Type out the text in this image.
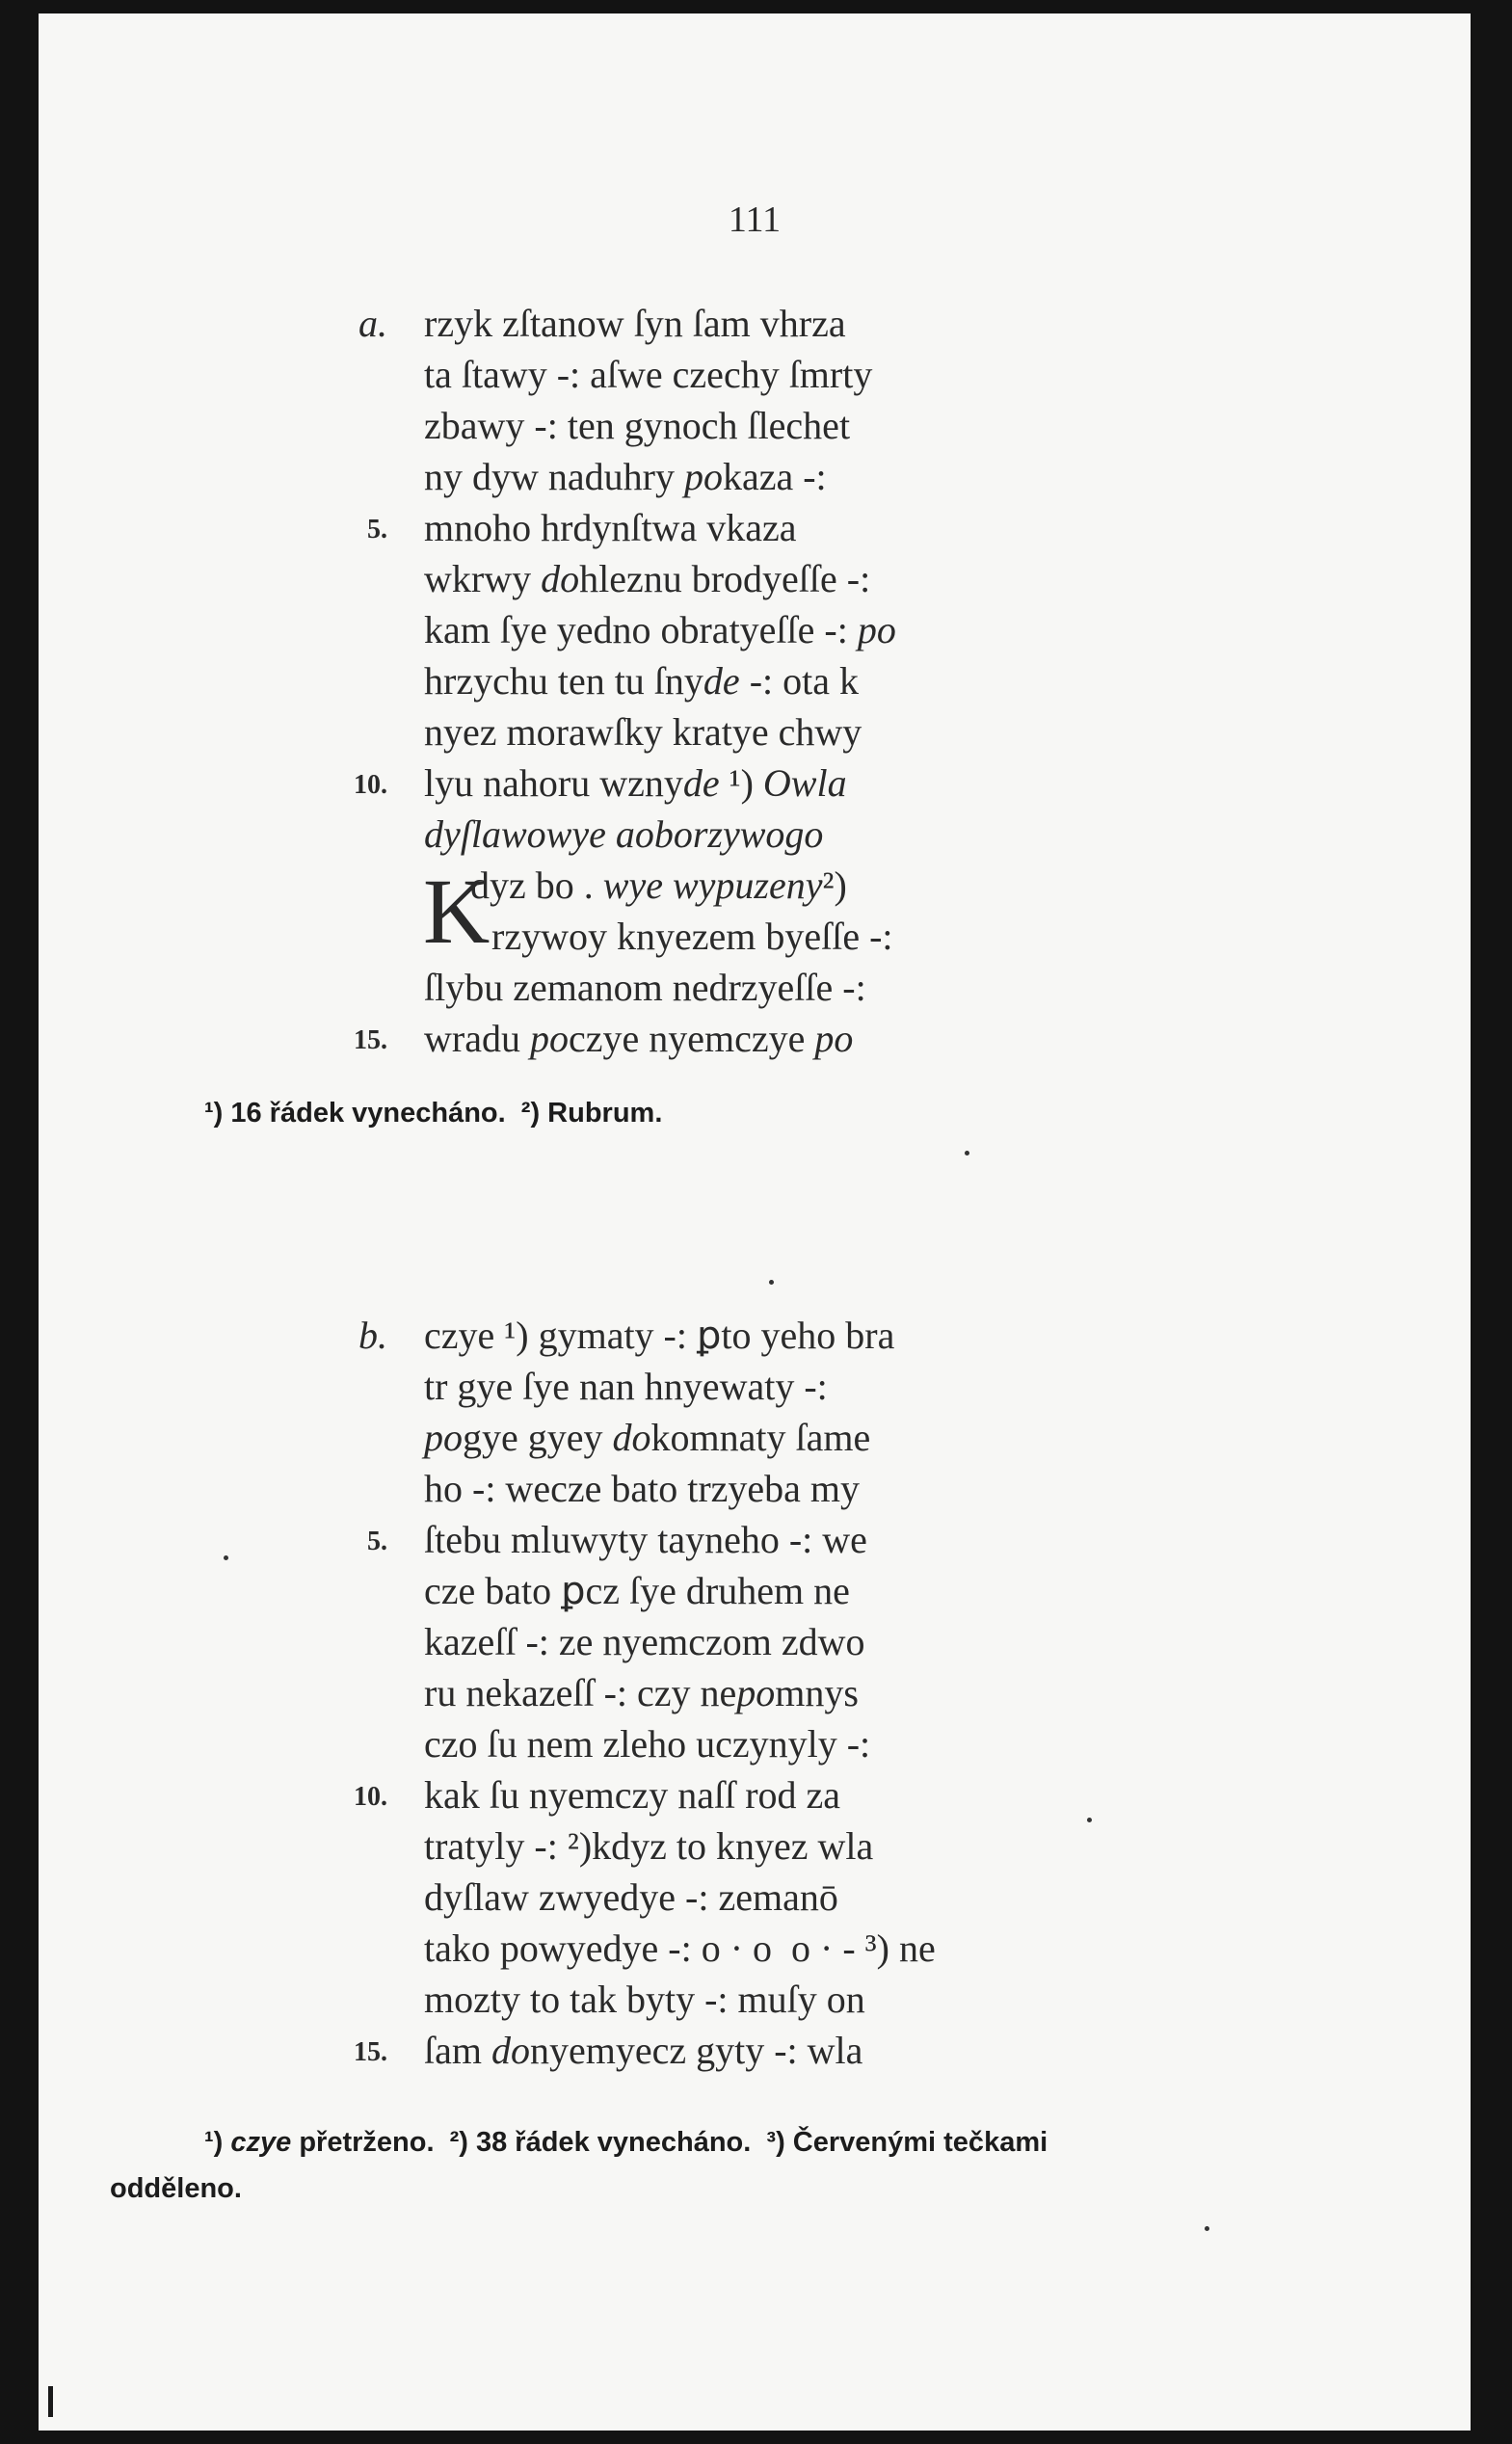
111
a. rzyk zſtanow ſyn ſam vhrza
ta ſtawy -: aſwe czechy ſmrty
zbawy -: ten gynoch ſlechet
ny dyw naduhry pokaza -:
5. mnoho hrdynſtwa vkaza
wkrwy dohleznu brodyeſſe -:
kam ſye yedno obratyeſſe -: po
hrzychu ten tu ſnyde -: ota k
nyez morawſky kratye chwy
10. lyu nahoru wznyde ¹) Owla
dyſlawowye aoborzywogo
K
dyz bo . wye wypuzeny²)
rzywoy knyezem byeſſe -:
ſlybu zemanom nedrzyeſſe -:
15. wradu poczye nyemczye po
¹) 16 řádek vynecháno.  ²) Rubrum.
b. czye ¹) gymaty -: ꝑto yeho bra
tr gye ſye nan hnyewaty -:
pogye gyey dokomnaty ſame
ho -: wecze bato trzyeba my
5. ſtebu mluwyty tayneho -: we
cze bato ꝑcz ſye druhem ne
kazeſſ -: ze nyemczom zdwo
ru nekazeſſ -: czy nepomnys
czo ſu nem zleho uczynyly -:
10. kak ſu nyemczy naſſ rod za
tratyly -: ²)kdyz to knyez wla
dyſlaw zwyedye -: zemanō
tako powyedye -: o · o  o · - ³) ne
mozty to tak byty -: muſy on
15. ſam donyemyecz gyty -: wla
¹) czye přetrženo.  ²) 38 řádek vynecháno.  ³) Červenými tečkami
odděleno.
